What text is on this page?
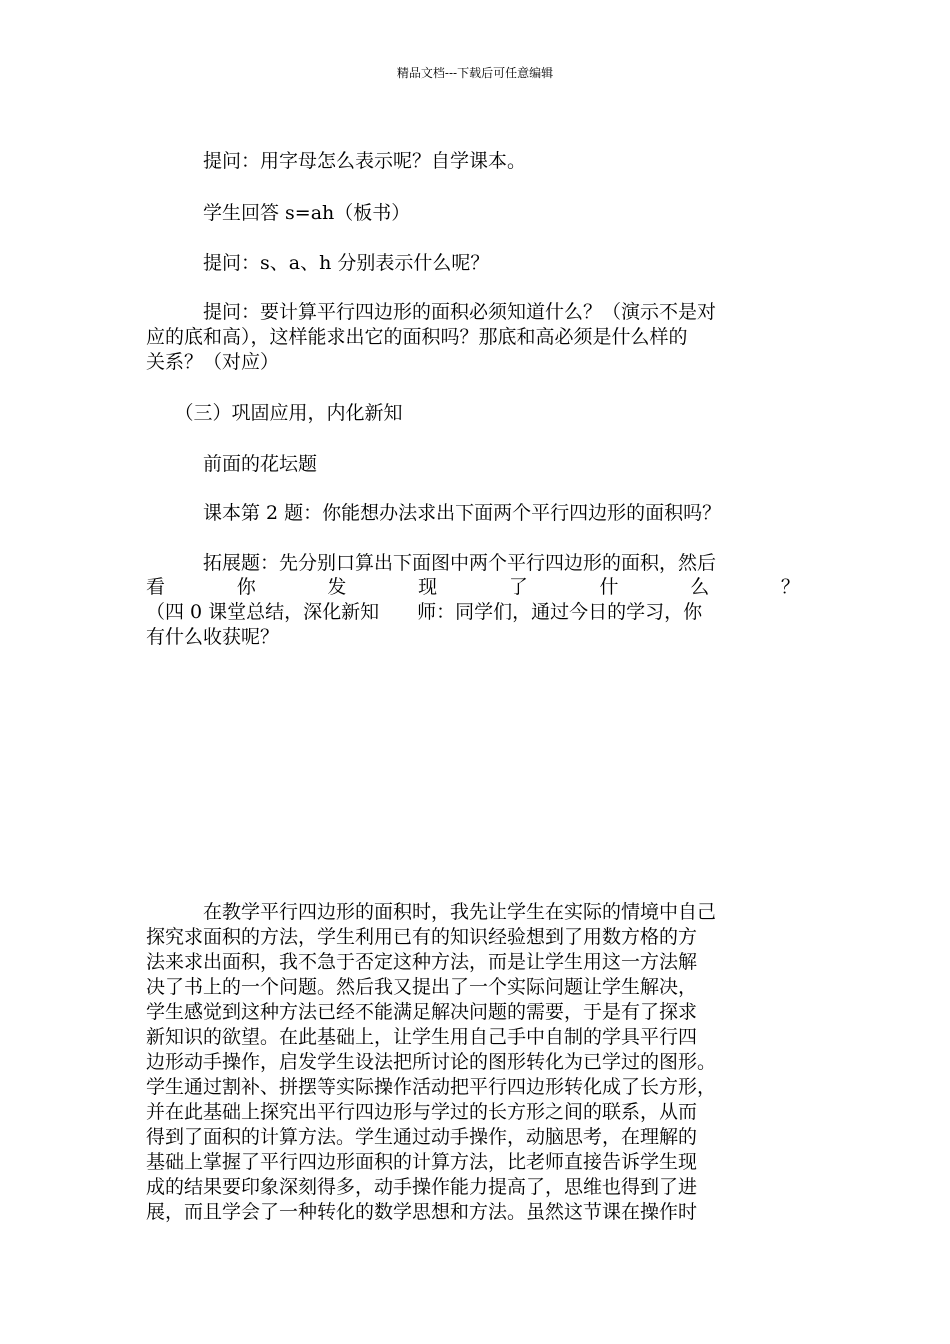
精品文档---下载后可任意编辑
　　　提问：用字母怎么表示呢？自学课本。
　　　学生回答 s=ah（板书）
　　　提问：s、a、h 分别表示什么呢？
　　　提问：要计算平行四边形的面积必须知道什么？（演示不是对
应的底和高），这样能求出它的面积吗？那底和高必须是什么样的
关系？（对应）
　　（三）巩固应用，内化新知
　　　前面的花坛题
　　　课本第 2 题：你能想办法求出下面两个平行四边形的面积吗？
　　　拓展题：先分别口算出下面图中两个平行四边形的面积，然后
看	你	发	现	了	什	么	？
（四 0 课堂总结，深化新知　　师：同学们，通过今日的学习，你
有什么收获呢？
　　　在教学平行四边形的面积时，我先让学生在实际的情境中自己
探究求面积的方法，学生利用已有的知识经验想到了用数方格的方
法来求出面积，我不急于否定这种方法，而是让学生用这一方法解
决了书上的一个问题。然后我又提出了一个实际问题让学生解决，
学生感觉到这种方法已经不能满足解决问题的需要，于是有了探求
新知识的欲望。在此基础上，让学生用自己手中自制的学具平行四
边形动手操作，启发学生设法把所讨论的图形转化为已学过的图形。
学生通过割补、拼摆等实际操作活动把平行四边形转化成了长方形，
并在此基础上探究出平行四边形与学过的长方形之间的联系，从而
得到了面积的计算方法。学生通过动手操作，动脑思考，在理解的
基础上掌握了平行四边形面积的计算方法，比老师直接告诉学生现
成的结果要印象深刻得多，动手操作能力提高了，思维也得到了进
展，而且学会了一种转化的数学思想和方法。虽然这节课在操作时
